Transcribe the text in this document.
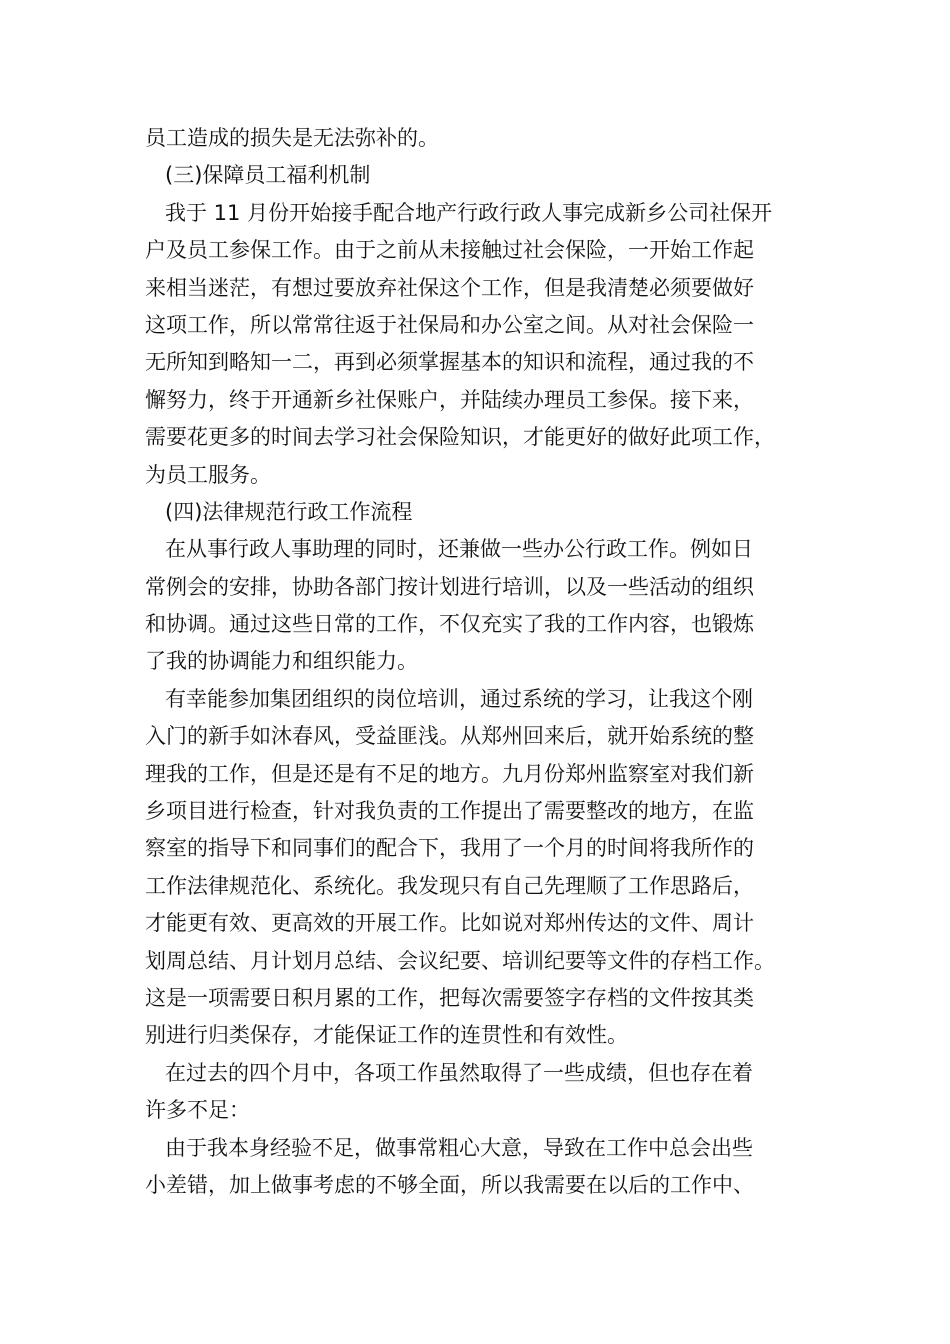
员工造成的损失是无法弥补的。
(三)保障员工福利机制
我于 11 月份开始接手配合地产行政行政人事完成新乡公司社保开
户及员工参保工作。由于之前从未接触过社会保险，一开始工作起
来相当迷茫，有想过要放弃社保这个工作，但是我清楚必须要做好
这项工作，所以常常往返于社保局和办公室之间。从对社会保险一
无所知到略知一二，再到必须掌握基本的知识和流程，通过我的不
懈努力，终于开通新乡社保账户，并陆续办理员工参保。接下来，
需要花更多的时间去学习社会保险知识，才能更好的做好此项工作，
为员工服务。
(四)法律规范行政工作流程
在从事行政人事助理的同时，还兼做一些办公行政工作。例如日
常例会的安排，协助各部门按计划进行培训，以及一些活动的组织
和协调。通过这些日常的工作，不仅充实了我的工作内容，也锻炼
了我的协调能力和组织能力。
有幸能参加集团组织的岗位培训，通过系统的学习，让我这个刚
入门的新手如沐春风，受益匪浅。从郑州回来后，就开始系统的整
理我的工作，但是还是有不足的地方。九月份郑州监察室对我们新
乡项目进行检查，针对我负责的工作提出了需要整改的地方，在监
察室的指导下和同事们的配合下，我用了一个月的时间将我所作的
工作法律规范化、系统化。我发现只有自己先理顺了工作思路后，
才能更有效、更高效的开展工作。比如说对郑州传达的文件、周计
划周总结、月计划月总结、会议纪要、培训纪要等文件的存档工作。
这是一项需要日积月累的工作，把每次需要签字存档的文件按其类
别进行归类保存，才能保证工作的连贯性和有效性。
在过去的四个月中，各项工作虽然取得了一些成绩，但也存在着
许多不足：
由于我本身经验不足，做事常粗心大意，导致在工作中总会出些
小差错，加上做事考虑的不够全面，所以我需要在以后的工作中、
